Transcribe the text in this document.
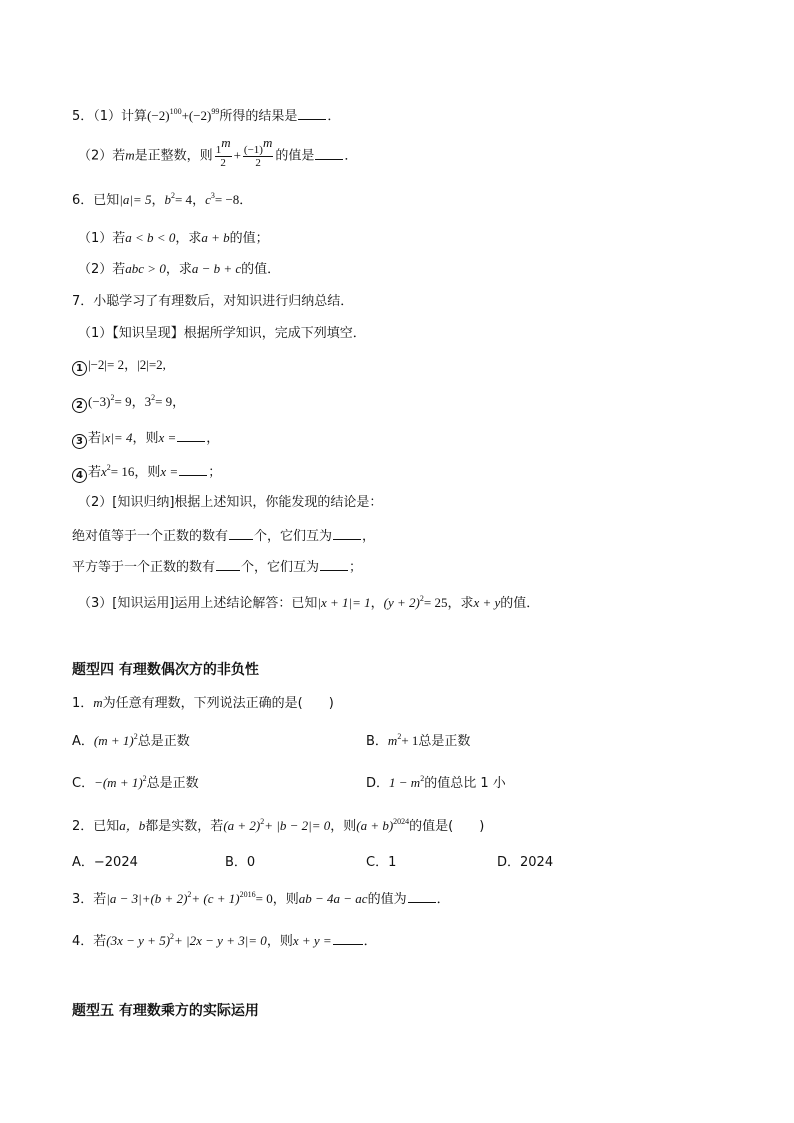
5．（1）计算$(-2)^{100}+(-2)^{99}$所得的结果是 ．
（2）若m是正整数，则 $\frac{1^m}{2} + \frac{(-1)^m}{2}$ 的值是 ．
6．已知|a|= 5，$b^2= 4$，$c^3= -8$．
（1）若a < b < 0，求a + b的值；
（2）若abc > 0，求a − b + c的值．
7．小聪学习了有理数后，对知识进行归纳总结．
（1）【知识呈现】根据所学知识，完成下列填空．
1 |−2|= 2，|2|=2,
2 $(-3)^2= 9$，$3^2= 9$，
3 若|x|= 4，则x = ，
4 若$x^2= 16$，则x = ；
（2）[知识归纳]根据上述知识，你能发现的结论是：
绝对值等于一个正数的数有 个，它们互为 ，
平方等于一个正数的数有 个，它们互为 ；
（3）[知识运用]运用上述结论解答：已知|x + 1|= 1，$(y + 2)^2= 25$，求x + y的值．
题型四 有理数偶次方的非负性
1．m为任意有理数，下列说法正确的是(　　)
A．$(m + 1)^2$总是正数	B．$m^2+ 1$总是正数
C．$-(m + 1)^2$总是正数	D．$1 - m^2$的值总比 1 小
2．已知a，b都是实数，若$(a + 2)^2+ |b - 2|= 0$，则$(a + b)^{2024}$的值是(　　)
A．−2024	B．0	C．1	D．2024
3．若$|a - 3|+(b + 2)^2+ (c + 1)^{2016}= 0$，则ab − 4a − ac的值为 ．
4．若$(3x - y + 5)^2+ |2x - y + 3|= 0$，则x + y = ．
题型五 有理数乘方的实际运用
